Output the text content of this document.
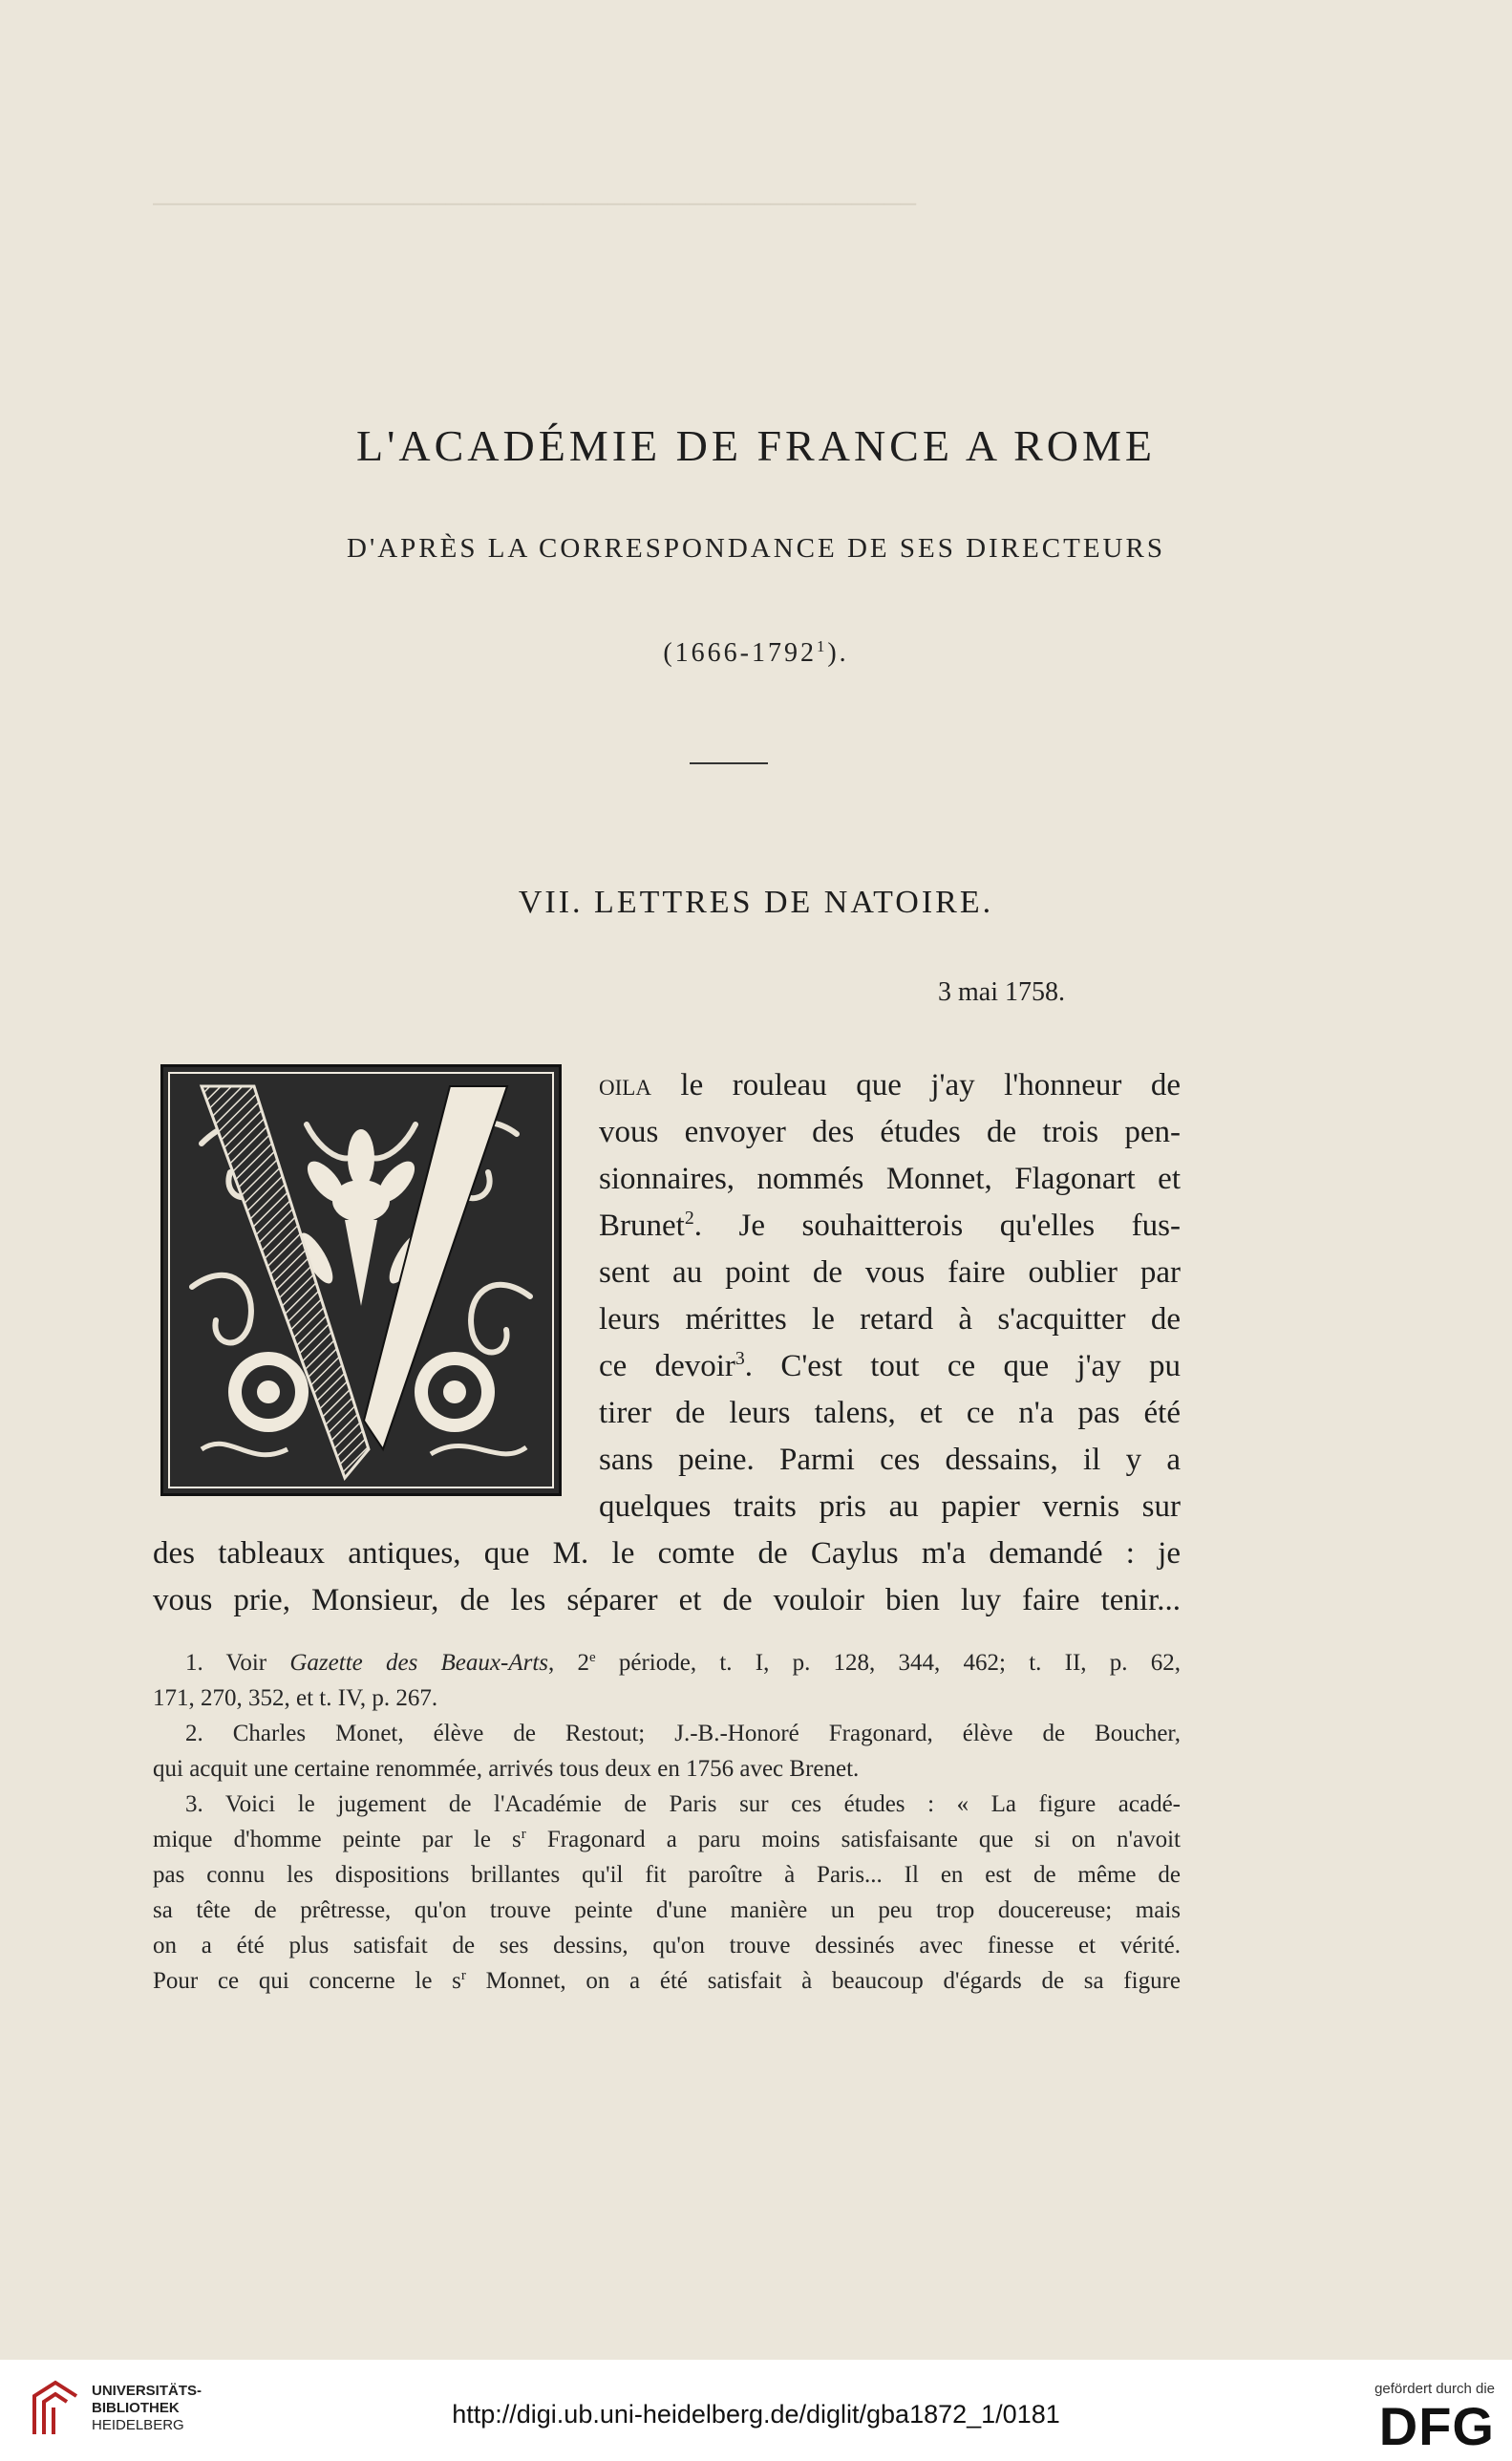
───────────────────────────────────────────────
L'ACADÉMIE DE FRANCE A ROME
D'APRÈS LA CORRESPONDANCE DE SES DIRECTEURS
(1666-1792$^1$).
VII. LETTRES DE NATOIRE.
3 mai 1758.
oila le rouleau que j'ay l'honneur de
vous envoyer des études de trois pen-
sionnaires, nommés Monnet, Flagonart et
Brunet$^2$. Je souhaitterois qu'elles fus-
sent au point de vous faire oublier par
leurs mérittes le retard à s'acquitter de
ce devoir$^3$. C'est tout ce que j'ay pu
tirer de leurs talens, et ce n'a pas été
sans peine. Parmi ces dessains, il y a
quelques traits pris au papier vernis sur
des tableaux antiques, que M. le comte de Caylus m'a demandé : je
vous prie, Monsieur, de les séparer et de vouloir bien luy faire tenir...
1. Voir Gazette des Beaux-Arts, 2e période, t. I, p. 128, 344, 462; t. II, p. 62,
171, 270, 352, et t. IV, p. 267.
2. Charles Monet, élève de Restout; J.-B.-Honoré Fragonard, élève de Boucher,
qui acquit une certaine renommée, arrivés tous deux en 1756 avec Brenet.
3. Voici le jugement de l'Académie de Paris sur ces études : « La figure acadé-
mique d'homme peinte par le $s^r$ Fragonard a paru moins satisfaisante que si on n'avoit
pas connu les dispositions brillantes qu'il fit paroître à Paris... Il en est de même de
sa tête de prêtresse, qu'on trouve peinte d'une manière un peu trop doucereuse; mais
on a été plus satisfait de ses dessins, qu'on trouve dessinés avec finesse et vérité.
Pour ce qui concerne le $s^r$ Monnet, on a été satisfait à beaucoup d'égards de sa figure
UNIVERSITÄTS-
BIBLIOTHEK
HEIDELBERG	http://digi.ub.uni-heidelberg.de/diglit/gba1872_1/0181
gefördert durch die
DFG
